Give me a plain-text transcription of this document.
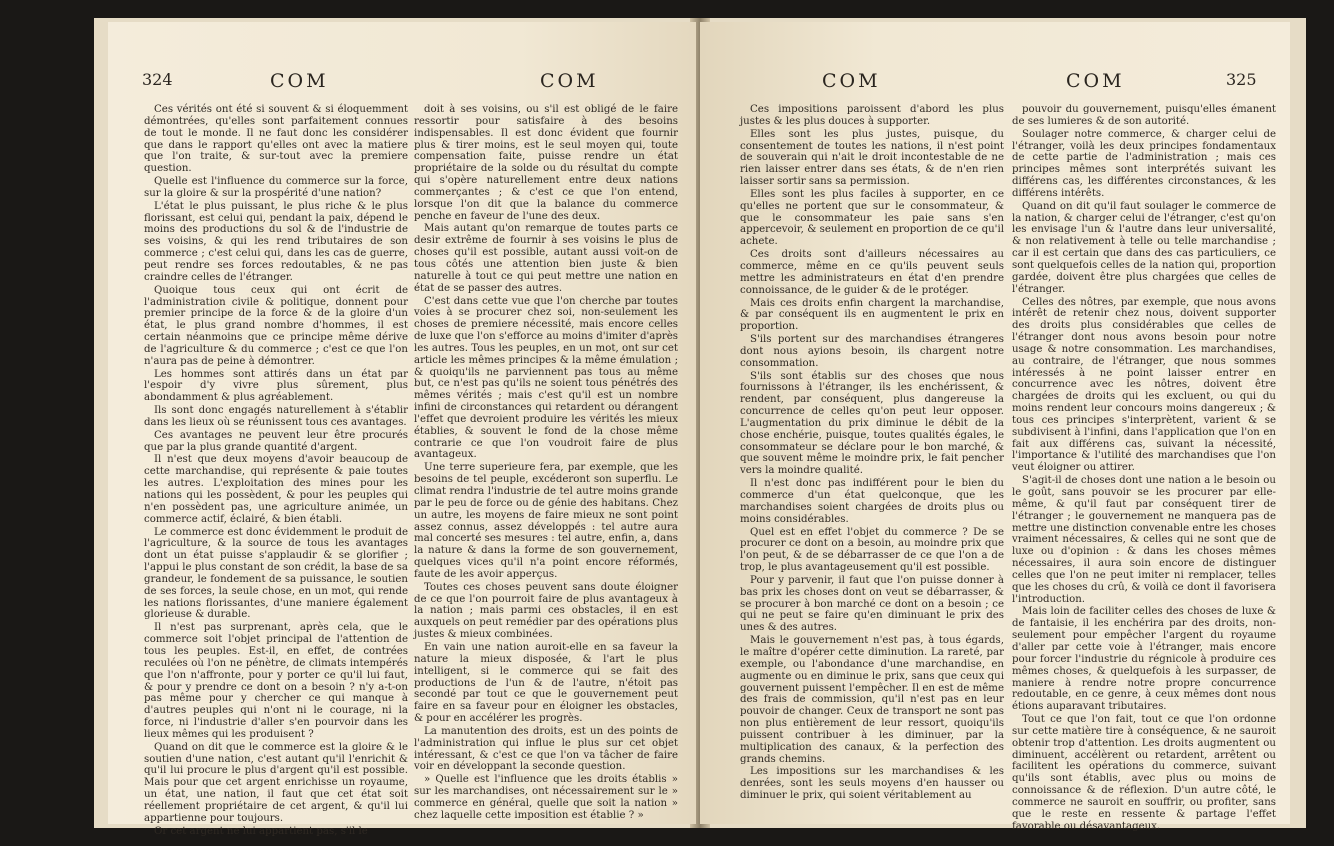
324	COM	COM

Ces vérités ont été si souvent & si éloquemment démontrées, qu'elles sont parfaitement connues de tout le monde. Il ne faut donc les considérer que dans le rapport qu'elles ont avec la matiere que l'on traite, & sur-tout avec la premiere question.

Quelle est l'influence du commerce sur la force, sur la gloire & sur la prospérité d'une nation?

L'état le plus puissant, le plus riche & le plus florissant, est celui qui, pendant la paix, dépend le moins des productions du sol & de l'industrie de ses voisins, & qui les rend tributaires de son commerce ; c'est celui qui, dans les cas de guerre, peut rendre ses forces redoutables, & ne pas craindre celles de l'étranger.

Quoique tous ceux qui ont écrit de l'administration civile & politique, donnent pour premier principe de la force & de la gloire d'un état, le plus grand nombre d'hommes, il est certain néanmoins que ce principe même dérive de l'agriculture & du commerce ; c'est ce que l'on n'aura pas de peine à démontrer.

Les hommes sont attirés dans un état par l'espoir d'y vivre plus sûrement, plus abondamment & plus agréablement.

Ils sont donc engagés naturellement à s'établir dans les lieux où se réunissent tous ces avantages.

Ces avantages ne peuvent leur être procurés que par la plus grande quantité d'argent.

Il n'est que deux moyens d'avoir beaucoup de cette marchandise, qui représente & paie toutes les autres. L'exploitation des mines pour les nations qui les possèdent, & pour les peuples qui n'en possèdent pas, une agriculture animée, un commerce actif, éclairé, & bien établi.

Le commerce est donc évidemment le produit de l'agriculture, & la source de tous les avantages dont un état puisse s'applaudir & se glorifier ; l'appui le plus constant de son crédit, la base de sa grandeur, le fondement de sa puissance, le soutien de ses forces, la seule chose, en un mot, qui rende les nations florissantes, d'une maniere également glorieuse & durable.

Il n'est pas surprenant, après cela, que le commerce soit l'objet principal de l'attention de tous les peuples. Est-il, en effet, de contrées reculées où l'on ne pénètre, de climats intempérés que l'on n'affronte, pour y porter ce qu'il lui faut, & pour y prendre ce dont on a besoin ? n'y a-t-on pas même pour y chercher ce qui manque à d'autres peuples qui n'ont ni le courage, ni la force, ni l'industrie d'aller s'en pourvoir dans les lieux mêmes qui les produisent ?

Quand on dit que le commerce est la gloire & le soutien d'une nation, c'est autant qu'il l'enrichit & qu'il lui procure le plus d'argent qu'il est possible. Mais pour que cet argent enrichisse un royaume, un état, une nation, il faut que cet état soit réellement propriétaire de cet argent, & qu'il lui appartienne pour toujours.

Or cet argent ne lui appartient pas, s'il le

doit à ses voisins, ou s'il est obligé de le faire ressortir pour satisfaire à des besoins indispensables. Il est donc évident que fournir plus & tirer moins, est le seul moyen qui, toute compensation faite, puisse rendre un état propriétaire de la solde ou du résultat du compte qui s'opère naturellement entre deux nations commerçantes ; & c'est ce que l'on entend, lorsque l'on dit que la balance du commerce penche en faveur de l'une des deux.

Mais autant qu'on remarque de toutes parts ce desir extrême de fournir à ses voisins le plus de choses qu'il est possible, autant aussi voit-on de tous côtés une attention bien juste & bien naturelle à tout ce qui peut mettre une nation en état de se passer des autres.

C'est dans cette vue que l'on cherche par toutes voies à se procurer chez soi, non-seulement les choses de premiere nécessité, mais encore celles de luxe que l'on s'efforce au moins d'imiter d'après les autres. Tous les peuples, en un mot, ont sur cet article les mêmes principes & la même émulation ; & quoiqu'ils ne parviennent pas tous au même but, ce n'est pas qu'ils ne soient tous pénétrés des mêmes vérités ; mais c'est qu'il est un nombre infini de circonstances qui retardent ou dérangent l'effet que devroient produire les vérités les mieux établies, & souvent le fond de la chose même contrarie ce que l'on voudroit faire de plus avantageux.

Une terre superieure fera, par exemple, que les besoins de tel peuple, excéderont son superflu. Le climat rendra l'industrie de tel autre moins grande par le peu de force ou de génie des habitans. Chez un autre, les moyens de faire mieux ne sont point assez connus, assez développés : tel autre aura mal concerté ses mesures : tel autre, enfin, a, dans la nature & dans la forme de son gouvernement, quelques vices qu'il n'a point encore réformés, faute de les avoir apperçus.

Toutes ces choses peuvent sans doute éloigner de ce que l'on pourroit faire de plus avantageux à la nation ; mais parmi ces obstacles, il en est auxquels on peut remédier par des opérations plus justes & mieux combinées.

En vain une nation auroit-elle en sa faveur la nature la mieux disposée, & l'art le plus intelligent, si le commerce qui se fait des productions de l'un & de l'autre, n'étoit pas secondé par tout ce que le gouvernement peut faire en sa faveur pour en éloigner les obstacles, & pour en accélérer les progrès.

La manutention des droits, est un des points de l'administration qui influe le plus sur cet objet intéressant, & c'est ce que l'on va tâcher de faire voir en développant la seconde question.

» Quelle est l'influence que les droits établis » sur les marchandises, ont nécessairement sur le » commerce en général, quelle que soit la nation » chez laquelle cette imposition est établie ? »

COM	COM	325

Ces impositions paroissent d'abord les plus justes & les plus douces à supporter.

Elles sont les plus justes, puisque, du consentement de toutes les nations, il n'est point de souverain qui n'ait le droit incontestable de ne rien laisser entrer dans ses états, & de n'en rien laisser sortir sans sa permission.

Elles sont les plus faciles à supporter, en ce qu'elles ne portent que sur le consommateur, & que le consommateur les paie sans s'en appercevoir, & seulement en proportion de ce qu'il achete.

Ces droits sont d'ailleurs nécessaires au commerce, même en ce qu'ils peuvent seuls mettre les administrateurs en état d'en prendre connoissance, de le guider & de le protéger.

Mais ces droits enfin chargent la marchandise, & par conséquent ils en augmentent le prix en proportion.

S'ils portent sur des marchandises étrangeres dont nous ayions besoin, ils chargent notre consommation.

S'ils sont établis sur des choses que nous fournissons à l'étranger, ils les enchérissent, & rendent, par conséquent, plus dangereuse la concurrence de celles qu'on peut leur opposer. L'augmentation du prix diminue le débit de la chose enchérie, puisque, toutes qualités égales, le consommateur se déclare pour le bon marché, & que souvent même le moindre prix, le fait pencher vers la moindre qualité.

Il n'est donc pas indifférent pour le bien du commerce d'un état quelconque, que les marchandises soient chargées de droits plus ou moins considérables.

Quel est en effet l'objet du commerce ? De se procurer ce dont on a besoin, au moindre prix que l'on peut, & de se débarrasser de ce que l'on a de trop, le plus avantageusement qu'il est possible.

Pour y parvenir, il faut que l'on puisse donner à bas prix les choses dont on veut se débarrasser, & se procurer à bon marché ce dont on a besoin ; ce qui ne peut se faire qu'en diminuant le prix des unes & des autres.

Mais le gouvernement n'est pas, à tous égards, le maître d'opérer cette diminution. La rareté, par exemple, ou l'abondance d'une marchandise, en augmente ou en diminue le prix, sans que ceux qui gouvernent puissent l'empêcher. Il en est de même des frais de commission, qu'il n'est pas en leur pouvoir de changer. Ceux de transport ne sont pas non plus entièrement de leur ressort, quoiqu'ils puissent contribuer à les diminuer, par la multiplication des canaux, & la perfection des grands chemins.

Les impositions sur les marchandises & les denrées, sont les seuls moyens d'en hausser ou diminuer le prix, qui soient véritablement au

pouvoir du gouvernement, puisqu'elles émanent de ses lumieres & de son autorité.

Soulager notre commerce, & charger celui de l'étranger, voilà les deux principes fondamentaux de cette partie de l'administration ; mais ces principes mêmes sont interprétés suivant les différens cas, les différentes circonstances, & les différens intérêts.

Quand on dit qu'il faut soulager le commerce de la nation, & charger celui de l'étranger, c'est qu'on les envisage l'un & l'autre dans leur universalité, & non relativement à telle ou telle marchandise ; car il est certain que dans des cas particuliers, ce sont quelquefois celles de la nation qui, proportion gardée, doivent être plus chargées que celles de l'étranger.

Celles des nôtres, par exemple, que nous avons intérêt de retenir chez nous, doivent supporter des droits plus considérables que celles de l'étranger dont nous avons besoin pour notre usage & notre consommation. Les marchandises, au contraire, de l'étranger, que nous sommes intéressés à ne point laisser entrer en concurrence avec les nôtres, doivent être chargées de droits qui les excluent, ou qui du moins rendent leur concours moins dangereux ; & tous ces principes s'interprètent, varient & se subdivisent à l'infini, dans l'application que l'on en fait aux différens cas, suivant la nécessité, l'importance & l'utilité des marchandises que l'on veut éloigner ou attirer.

S'agit-il de choses dont une nation a le besoin ou le goût, sans pouvoir se les procurer par elle-même, & qu'il faut par conséquent tirer de l'étranger ; le gouvernement ne manquera pas de mettre une distinction convenable entre les choses vraiment nécessaires, & celles qui ne sont que de luxe ou d'opinion : & dans les choses mêmes nécessaires, il aura soin encore de distinguer celles que l'on ne peut imiter ni remplacer, telles que les choses du crû, & voilà ce dont il favorisera l'introduction.

Mais loin de faciliter celles des choses de luxe & de fantaisie, il les enchérira par des droits, non-seulement pour empêcher l'argent du royaume d'aller par cette voie à l'étranger, mais encore pour forcer l'industrie du régnicole à produire ces mêmes choses, & quelquefois à les surpasser, de maniere à rendre notre propre concurrence redoutable, en ce genre, à ceux mêmes dont nous étions auparavant tributaires.

Tout ce que l'on fait, tout ce que l'on ordonne sur cette matière tire à conséquence, & ne sauroit obtenir trop d'attention. Les droits augmentent ou diminuent, accélèrent ou retardent, arrêtent ou facilitent les opérations du commerce, suivant qu'ils sont établis, avec plus ou moins de connoissance & de réflexion. D'un autre côté, le commerce ne sauroit en souffrir, ou profiter, sans que le reste en ressente & partage l'effet favorable ou désavantageux.
